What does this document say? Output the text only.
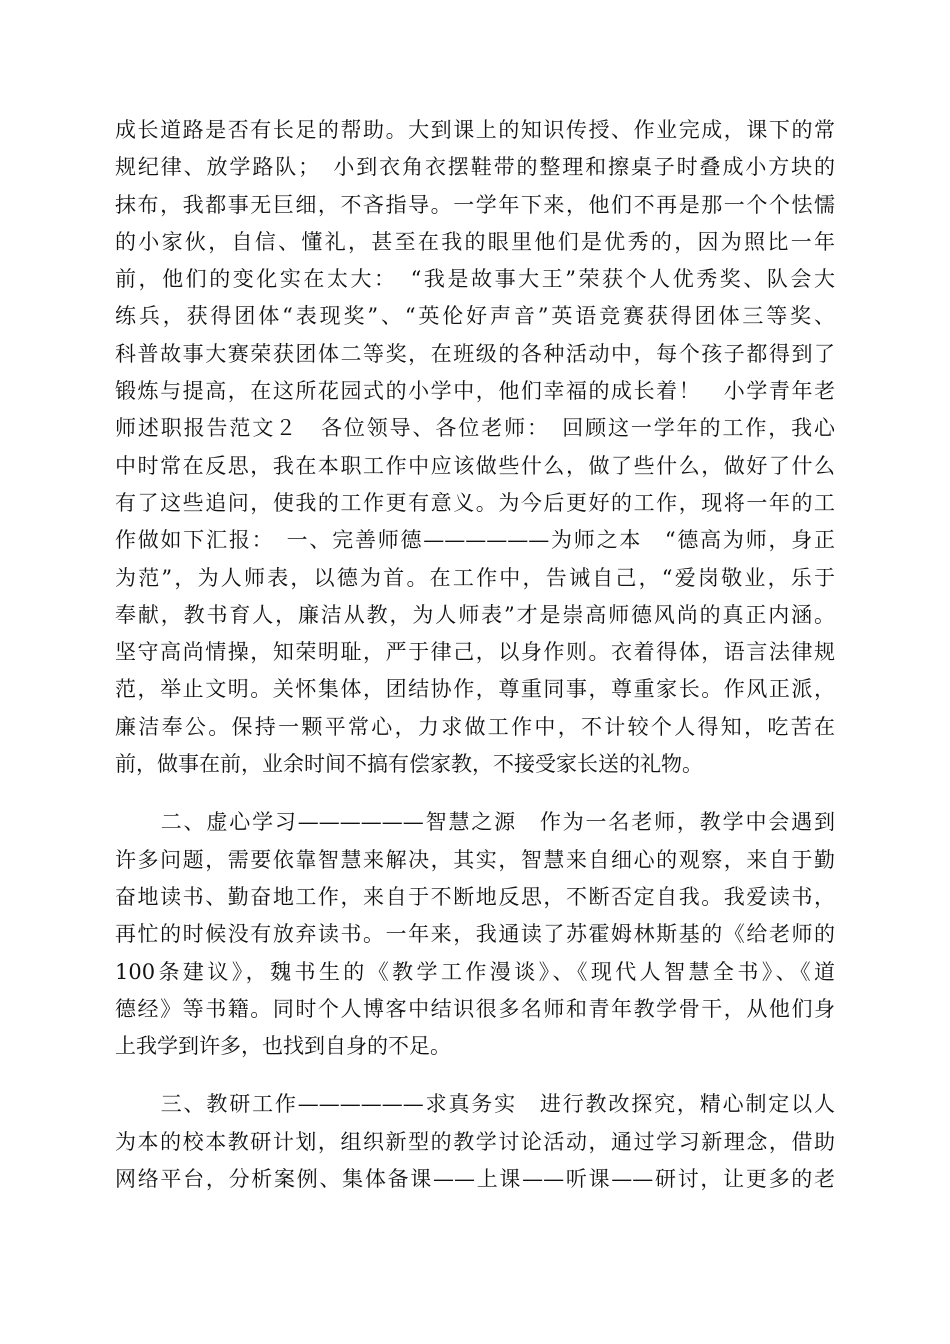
成长道路是否有长足的帮助。大到课上的知识传授、作业完成，课下的常
规纪律、放学路队；　小到衣角衣摆鞋带的整理和擦桌子时叠成小方块的
抹布，我都事无巨细，不吝指导。一学年下来，他们不再是那一个个怯懦
的小家伙，自信、懂礼，甚至在我的眼里他们是优秀的，因为照比一年
前，他们的变化实在太大：　“我是故事大王”荣获个人优秀奖、队会大
练兵，获得团体“表现奖”、“英伦好声音”英语竞赛获得团体三等奖、
科普故事大赛荣获团体二等奖，在班级的各种活动中，每个孩子都得到了
锻炼与提高，在这所花园式的小学中，他们幸福的成长着！　小学青年老
师述职报告范文２　各位领导、各位老师：　回顾这一学年的工作，我心
中时常在反思，我在本职工作中应该做些什么，做了些什么，做好了什么
有了这些追问，使我的工作更有意义。为今后更好的工作，现将一年的工
作做如下汇报：　一、完善师德——————为师之本　“德高为师，身正
为范”，为人师表，以德为首。在工作中，告诫自己，“爱岗敬业，乐于
奉献，教书育人，廉洁从教，为人师表”才是崇高师德风尚的真正内涵。
坚守高尚情操，知荣明耻，严于律己，以身作则。衣着得体，语言法律规
范，举止文明。关怀集体，团结协作，尊重同事，尊重家长。作风正派，
廉洁奉公。保持一颗平常心，力求做工作中，不计较个人得知，吃苦在
前，做事在前，业余时间不搞有偿家教，不接受家长送的礼物。
　　二、虚心学习——————智慧之源　作为一名老师，教学中会遇到
许多问题，需要依靠智慧来解决，其实，智慧来自细心的观察，来自于勤
奋地读书、勤奋地工作，来自于不断地反思，不断否定自我。我爱读书，
再忙的时候没有放弃读书。一年来，我通读了苏霍姆林斯基的《给老师的
100条建议》，魏书生的《教学工作漫谈》、《现代人智慧全书》、《道
德经》等书籍。同时个人博客中结识很多名师和青年教学骨干，从他们身
上我学到许多，也找到自身的不足。
　　三、教研工作——————求真务实　进行教改探究，精心制定以人
为本的校本教研计划，组织新型的教学讨论活动，通过学习新理念，借助
网络平台，分析案例、集体备课——上课——听课——研讨，让更多的老
